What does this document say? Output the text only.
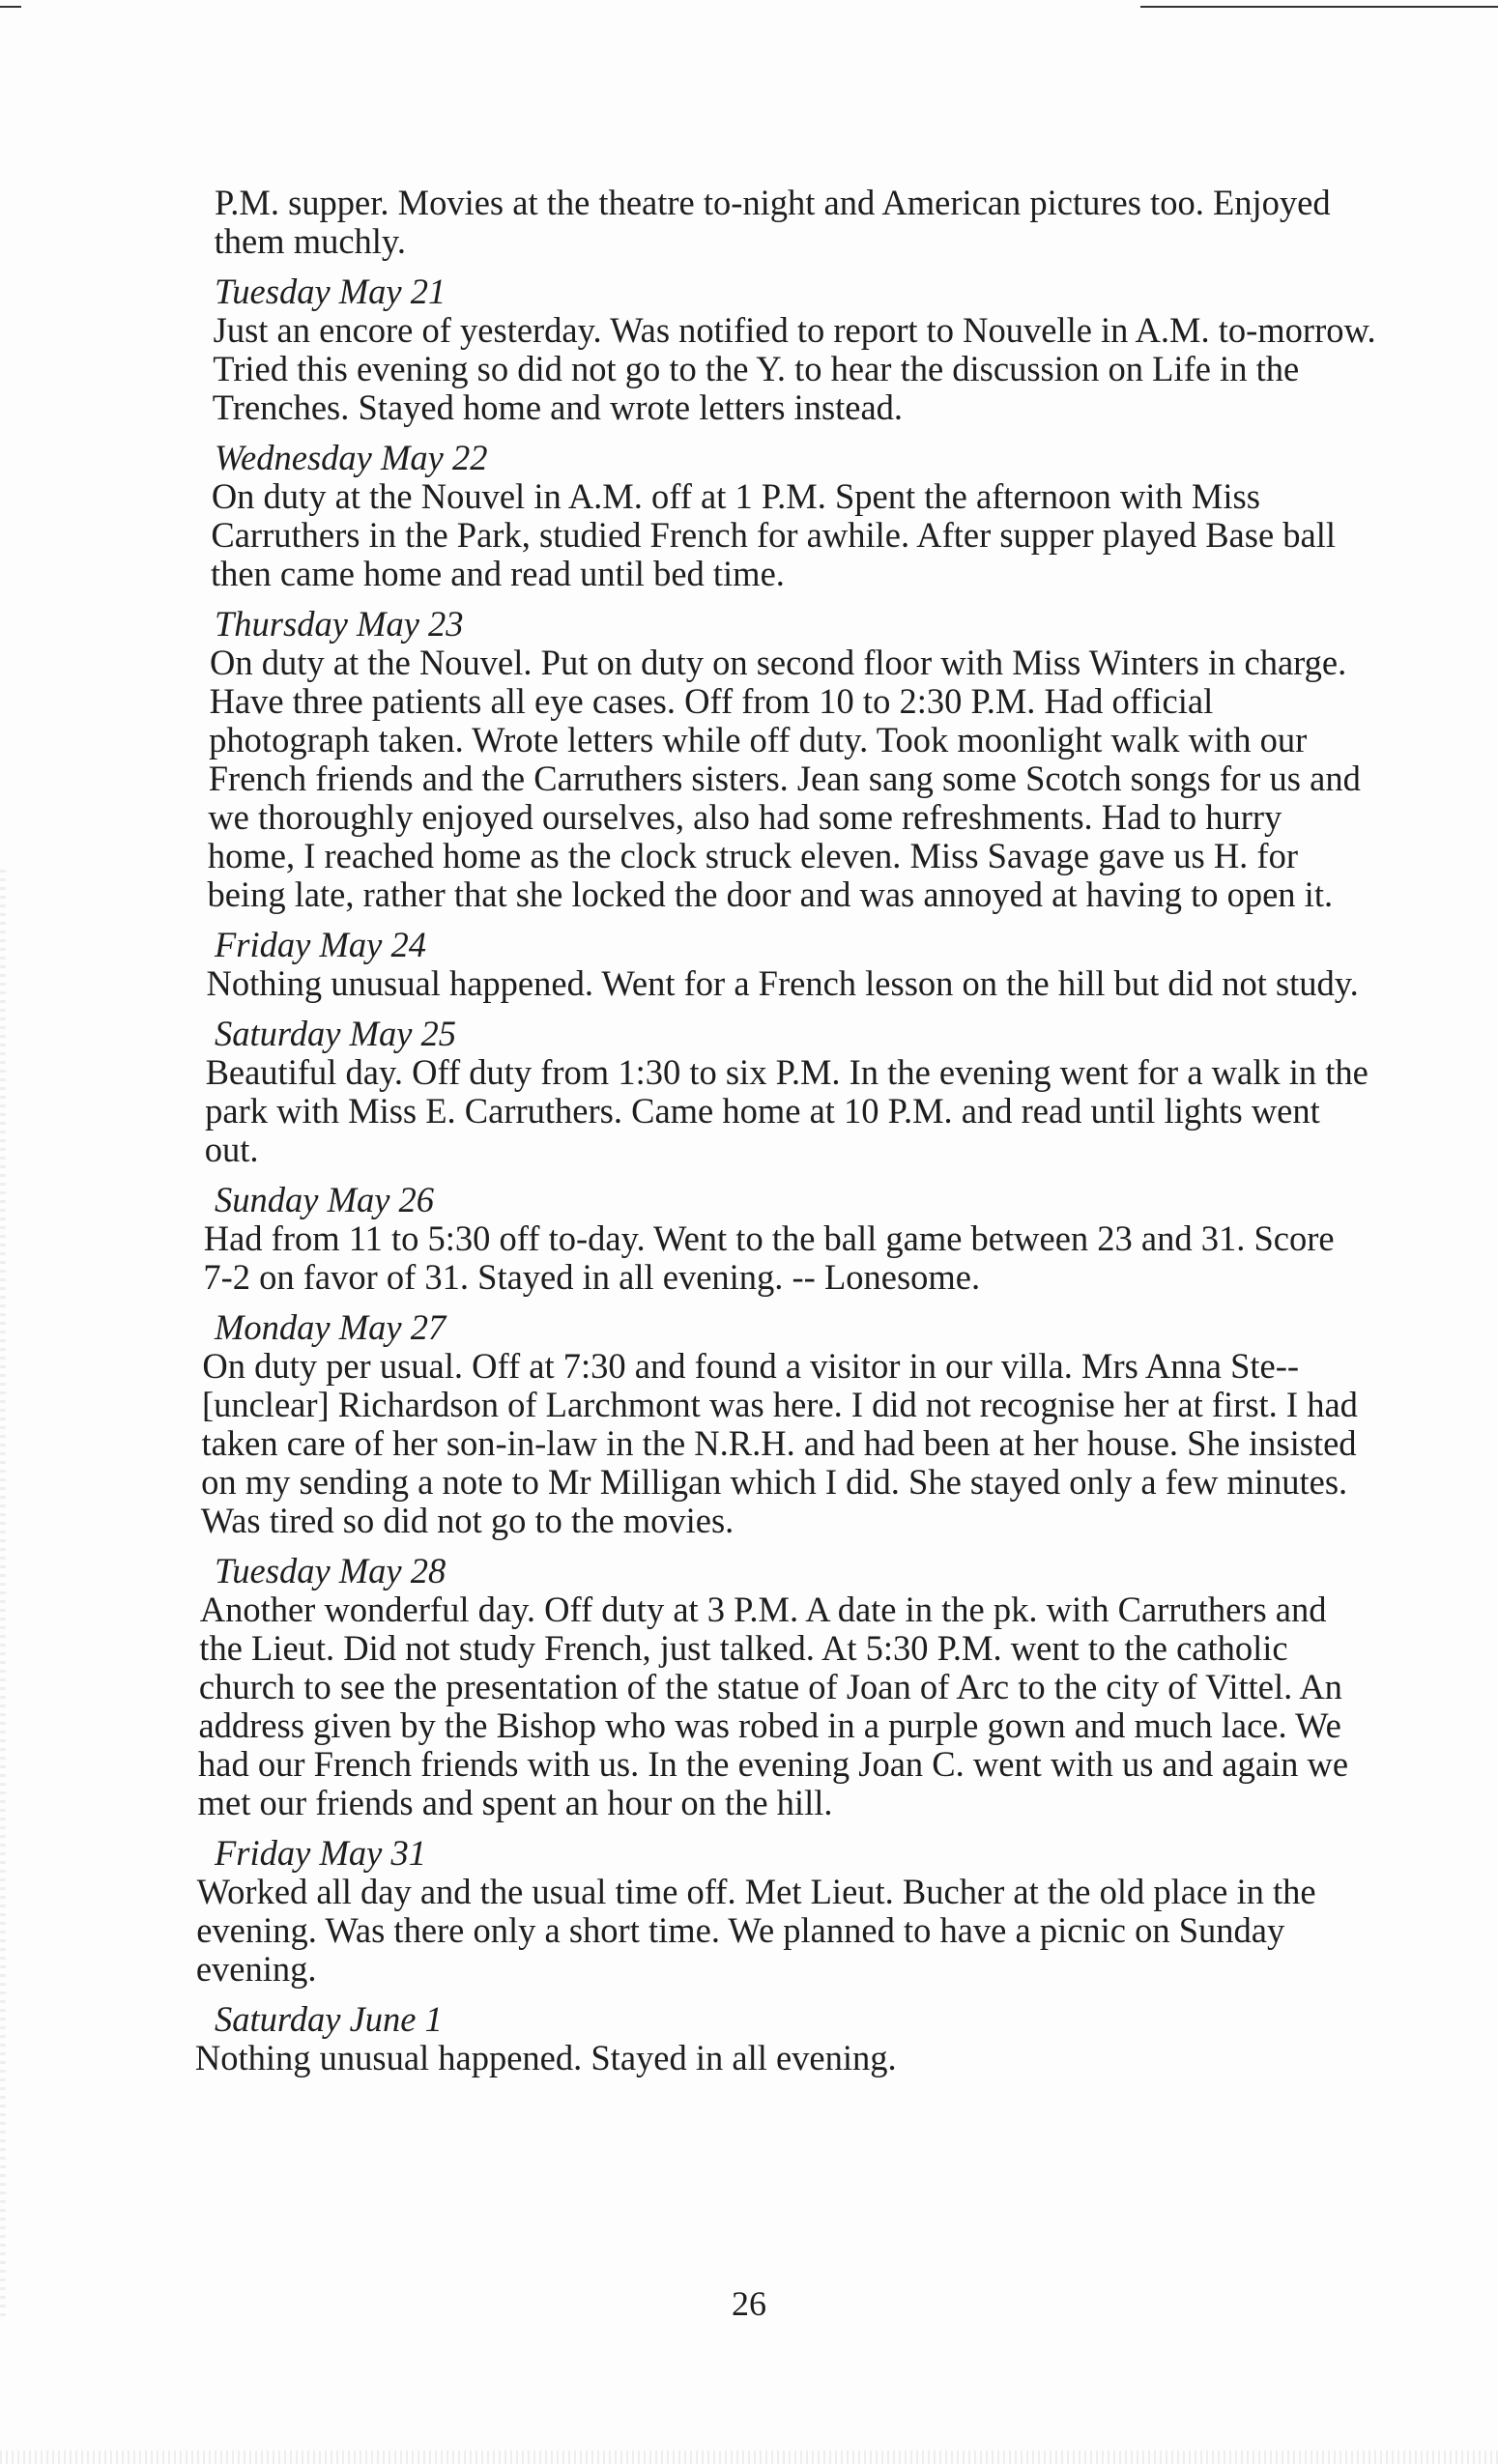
P.M. supper. Movies at the theatre to-night and American pictures too. Enjoyed
them muchly.
Tuesday May 21
Just an encore of yesterday. Was notified to report to Nouvelle in A.M. to-morrow.
Tried this evening so did not go to the Y. to hear the discussion on Life in the
Trenches. Stayed home and wrote letters instead.
Wednesday May 22
On duty at the Nouvel in A.M. off at 1 P.M. Spent the afternoon with Miss
Carruthers in the Park, studied French for awhile. After supper played Base ball
then came home and read until bed time.
Thursday May 23
On duty at the Nouvel. Put on duty on second floor with Miss Winters in charge.
Have three patients all eye cases. Off from 10 to 2:30 P.M. Had official
photograph taken. Wrote letters while off duty. Took moonlight walk with our
French friends and the Carruthers sisters. Jean sang some Scotch songs for us and
we thoroughly enjoyed ourselves, also had some refreshments. Had to hurry
home, I reached home as the clock struck eleven. Miss Savage gave us H. for
being late, rather that she locked the door and was annoyed at having to open it.
Friday May 24
Nothing unusual happened. Went for a French lesson on the hill but did not study.
Saturday May 25
Beautiful day. Off duty from 1:30 to six P.M. In the evening went for a walk in the
park with Miss E. Carruthers. Came home at 10 P.M. and read until lights went
out.
Sunday May 26
Had from 11 to 5:30 off to-day. Went to the ball game between 23 and 31. Score
7-2 on favor of 31. Stayed in all evening. -- Lonesome.
Monday May 27
On duty per usual. Off at 7:30 and found a visitor in our villa. Mrs Anna Ste--
[unclear] Richardson of Larchmont was here. I did not recognise her at first. I had
taken care of her son-in-law in the N.R.H. and had been at her house. She insisted
on my sending a note to Mr Milligan which I did. She stayed only a few minutes.
Was tired so did not go to the movies.
Tuesday May 28
Another wonderful day. Off duty at 3 P.M. A date in the pk. with Carruthers and
the Lieut. Did not study French, just talked. At 5:30 P.M. went to the catholic
church to see the presentation of the statue of Joan of Arc to the city of Vittel. An
address given by the Bishop who was robed in a purple gown and much lace. We
had our French friends with us. In the evening Joan C. went with us and again we
met our friends and spent an hour on the hill.
Friday May 31
Worked all day and the usual time off. Met Lieut. Bucher at the old place in the
evening. Was there only a short time. We planned to have a picnic on Sunday
evening.
Saturday June 1
Nothing unusual happened. Stayed in all evening.
26
